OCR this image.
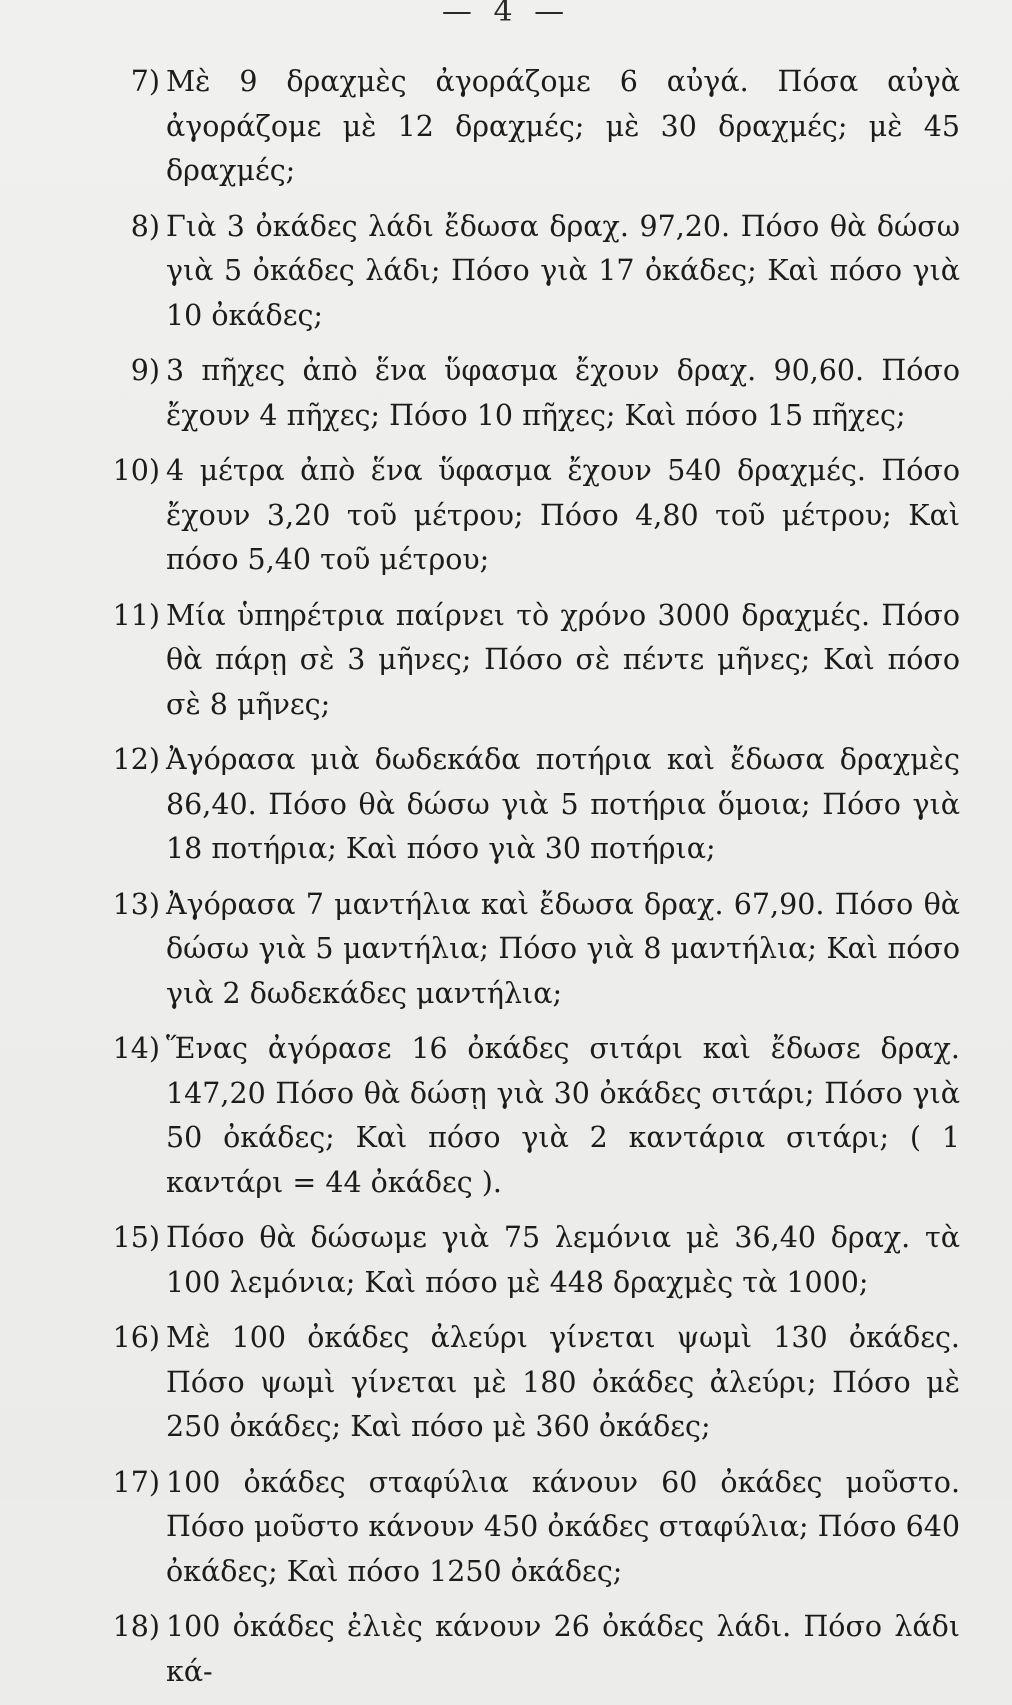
— 4 —
7) Μὲ 9 δραχμὲς ἀγοράζομε 6 αὐγά. Πόσα αὐγὰ ἀγοράζομε μὲ 12 δραχμές; μὲ 30 δραχμές; μὲ 45 δραχμές;
8) Γιὰ 3 ὀκάδες λάδι ἔδωσα δραχ. 97,20. Πόσο θὰ δώσω γιὰ 5 ὀκάδες λάδι; Πόσο γιὰ 17 ὀκάδες; Καὶ πόσο γιὰ 10 ὀκάδες;
9) 3 πῆχες ἀπὸ ἕνα ὕφασμα ἔχουν δραχ. 90,60. Πόσο ἔχουν 4 πῆχες; Πόσο 10 πῆχες; Καὶ πόσο 15 πῆχες;
10) 4 μέτρα ἀπὸ ἕνα ὕφασμα ἔχουν 540 δραχμές. Πόσο ἔχουν 3,20 τοῦ μέτρου; Πόσο 4,80 τοῦ μέτρου; Καὶ πόσο 5,40 τοῦ μέτρου;
11) Μία ὑπηρέτρια παίρνει τὸ χρόνο 3000 δραχμές. Πόσο θὰ πάρῃ σὲ 3 μῆνες; Πόσο σὲ πέντε μῆνες; Καὶ πόσο σὲ 8 μῆνες;
12) Ἀγόρασα μιὰ δωδεκάδα ποτήρια καὶ ἔδωσα δραχμὲς 86,40. Πόσο θὰ δώσω γιὰ 5 ποτήρια ὅμοια; Πόσο γιὰ 18 ποτήρια; Καὶ πόσο γιὰ 30 ποτήρια;
13) Ἀγόρασα 7 μαντήλια καὶ ἔδωσα δραχ. 67,90. Πόσο θὰ δώσω γιὰ 5 μαντήλια; Πόσο γιὰ 8 μαντήλια; Καὶ πόσο γιὰ 2 δωδεκάδες μαντήλια;
14) Ἕνας ἀγόρασε 16 ὀκάδες σιτάρι καὶ ἔδωσε δραχ. 147,20 Πόσο θὰ δώσῃ γιὰ 30 ὀκάδες σιτάρι; Πόσο γιὰ 50 ὀκάδες; Καὶ πόσο γιὰ 2 καντάρια σιτάρι; ( 1 καντάρι = 44 ὀκάδες ).
15) Πόσο θὰ δώσωμε γιὰ 75 λεμόνια μὲ 36,40 δραχ. τὰ 100 λεμόνια; Καὶ πόσο μὲ 448 δραχμὲς τὰ 1000;
16) Μὲ 100 ὀκάδες ἀλεύρι γίνεται ψωμὶ 130 ὀκάδες. Πόσο ψωμὶ γίνεται μὲ 180 ὀκάδες ἀλεύρι; Πόσο μὲ 250 ὀκάδες; Καὶ πόσο μὲ 360 ὀκάδες;
17) 100 ὀκάδες σταφύλια κάνουν 60 ὀκάδες μοῦστο. Πόσο μοῦστο κάνουν 450 ὀκάδες σταφύλια; Πόσο 640 ὀκάδες; Καὶ πόσο 1250 ὀκάδες;
18) 100 ὀκάδες ἐλιὲς κάνουν 26 ὀκάδες λάδι. Πόσο λάδι κά-
